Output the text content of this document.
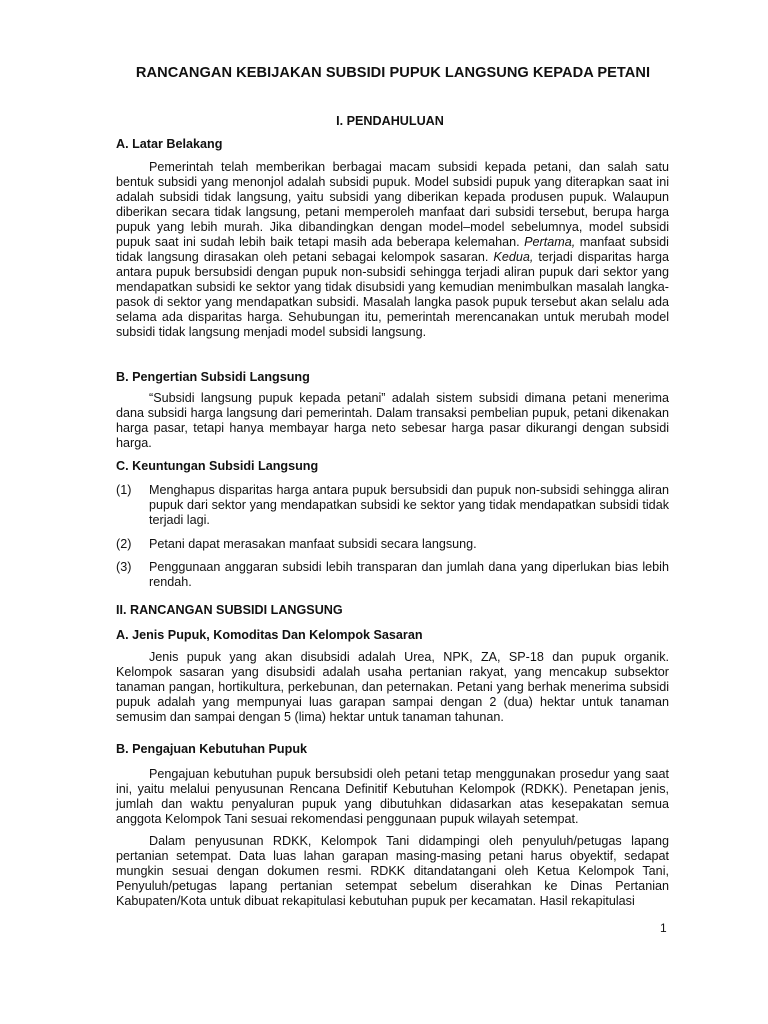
RANCANGAN KEBIJAKAN SUBSIDI PUPUK LANGSUNG KEPADA PETANI
I. PENDAHULUAN
A. Latar Belakang

Pemerintah telah memberikan berbagai macam subsidi kepada petani, dan salah satu bentuk subsidi yang menonjol adalah subsidi pupuk. Model subsidi pupuk yang diterapkan saat ini adalah subsidi tidak langsung, yaitu subsidi yang diberikan kepada produsen pupuk. Walaupun diberikan secara tidak langsung, petani memperoleh manfaat dari subsidi tersebut, berupa harga pupuk yang lebih murah. Jika dibandingkan dengan model–model sebelumnya, model subsidi pupuk saat ini sudah lebih baik tetapi masih ada beberapa kelemahan. Pertama, manfaat subsidi tidak langsung dirasakan oleh petani sebagai kelompok sasaran. Kedua, terjadi disparitas harga antara pupuk bersubsidi dengan pupuk non-subsidi sehingga terjadi aliran pupuk dari sektor yang mendapatkan subsidi ke sektor yang tidak disubsidi yang kemudian menimbulkan masalah langka-pasok di sektor yang mendapatkan subsidi. Masalah langka pasok pupuk tersebut akan selalu ada selama ada disparitas harga. Sehubungan itu, pemerintah merencanakan untuk merubah model subsidi tidak langsung menjadi model subsidi langsung.

B. Pengertian Subsidi Langsung

“Subsidi langsung pupuk kepada petani” adalah sistem subsidi dimana petani menerima dana subsidi harga langsung dari pemerintah. Dalam transaksi pembelian pupuk, petani dikenakan harga pasar, tetapi hanya membayar harga neto sebesar harga pasar dikurangi dengan subsidi harga.

C. Keuntungan Subsidi Langsung
(1) Menghapus disparitas harga antara pupuk bersubsidi dan pupuk non-subsidi sehingga aliran pupuk dari sektor yang mendapatkan subsidi ke sektor yang tidak mendapatkan subsidi tidak terjadi lagi.
(2) Petani dapat merasakan manfaat subsidi secara langsung.
(3) Penggunaan anggaran subsidi lebih transparan dan jumlah dana yang diperlukan bias lebih rendah.
II. RANCANGAN SUBSIDI LANGSUNG
A. Jenis Pupuk, Komoditas Dan Kelompok Sasaran

Jenis pupuk yang akan disubsidi adalah Urea, NPK, ZA, SP-18 dan pupuk organik. Kelompok sasaran yang disubsidi adalah usaha pertanian rakyat, yang mencakup subsektor tanaman pangan, hortikultura, perkebunan, dan peternakan. Petani yang berhak menerima subsidi pupuk adalah yang mempunyai luas garapan sampai dengan 2 (dua) hektar untuk tanaman semusim dan sampai dengan 5 (lima) hektar untuk tanaman tahunan.

B. Pengajuan Kebutuhan Pupuk

Pengajuan kebutuhan pupuk bersubsidi oleh petani tetap menggunakan prosedur yang saat ini, yaitu melalui penyusunan Rencana Definitif Kebutuhan Kelompok (RDKK). Penetapan jenis, jumlah dan waktu penyaluran pupuk yang dibutuhkan didasarkan atas kesepakatan semua anggota Kelompok Tani sesuai rekomendasi penggunaan pupuk wilayah setempat.

Dalam penyusunan RDKK, Kelompok Tani didampingi oleh penyuluh/petugas lapang pertanian setempat. Data luas lahan garapan masing-masing petani harus obyektif, sedapat mungkin sesuai dengan dokumen resmi. RDKK ditandatangani oleh Ketua Kelompok Tani, Penyuluh/petugas lapang pertanian setempat sebelum diserahkan ke Dinas Pertanian Kabupaten/Kota untuk dibuat rekapitulasi kebutuhan pupuk per kecamatan. Hasil rekapitulasi

1
